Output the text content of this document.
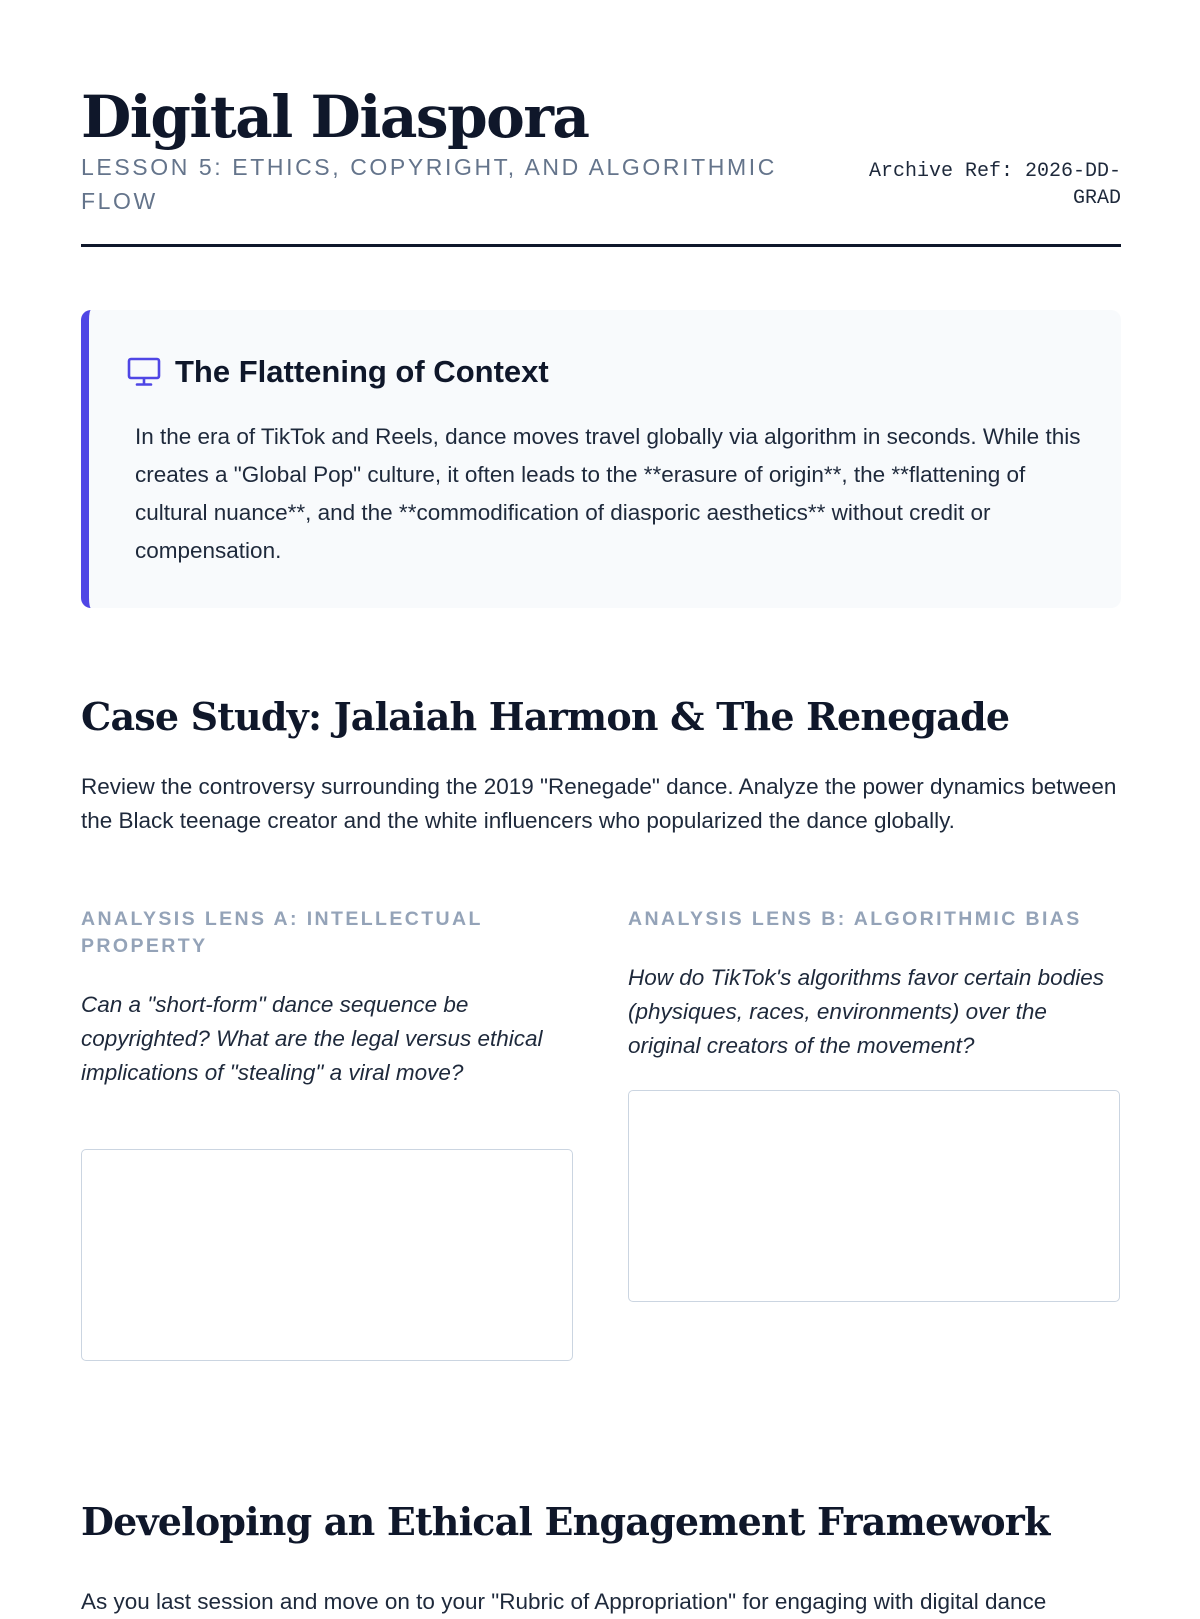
Digital Diaspora
LESSON 5: ETHICS, COPYRIGHT, AND ALGORITHMIC FLOW
Archive Ref: 2026-DD-GRAD
The Flattening of Context

In the era of TikTok and Reels, dance moves travel globally via algorithm in seconds. While this creates a "Global Pop" culture, it often leads to the **erasure of origin**, the **flattening of cultural nuance**, and the **commodification of diasporic aesthetics** without credit or compensation.

Case Study: Jalaiah Harmon & The Renegade

Review the controversy surrounding the 2019 "Renegade" dance. Analyze the power dynamics between the Black teenage creator and the white influencers who popularized the dance globally.

ANALYSIS LENS A: INTELLECTUAL PROPERTY

Can a "short-form" dance sequence be copyrighted? What are the legal versus ethical implications of "stealing" a viral move?

ANALYSIS LENS B: ALGORITHMIC BIAS

How do TikTok's algorithms favor certain bodies (physiques, races, environments) over the original creators of the movement?

Developing an Ethical Engagement Framework

As you last session and move on to your "Rubric of Appropriation" for engaging with digital dance
